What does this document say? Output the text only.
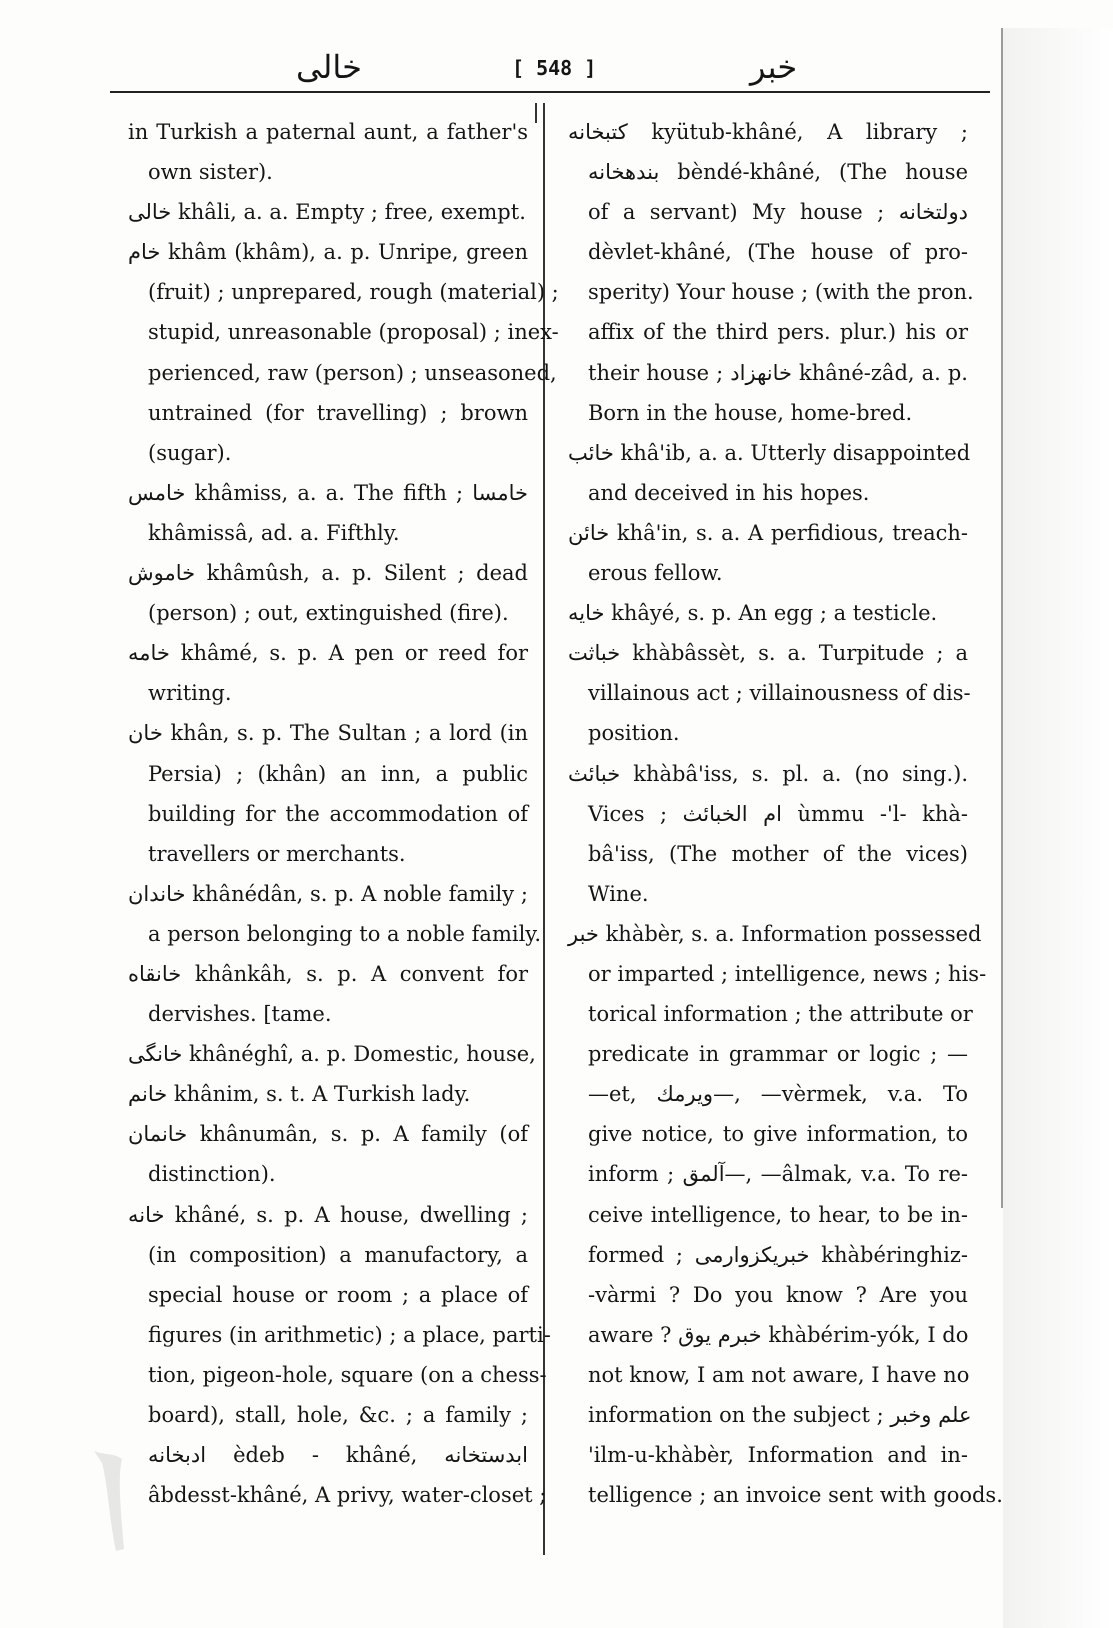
خالى	[ 548 ]	خبر
in Turkish a paternal aunt, a father's
own sister).
خالى khâli, a. a. Empty ; free, exempt.
خام khâm (khâm), a. p. Unripe, green
(fruit) ; unprepared, rough (material) ;
stupid, unreasonable (proposal) ; inex-
perienced, raw (person) ; unseasoned,
untrained (for travelling) ; brown
(sugar).
خامس khâmiss, a. a. The fifth ; خامسا
khâmissâ, ad. a. Fifthly.
خاموش khâmûsh, a. p. Silent ; dead
(person) ; out, extinguished (fire).
خامه khâmé, s. p. A pen or reed for
writing.
خان khân, s. p. The Sultan ; a lord (in
Persia) ; (khân) an inn, a public
building for the accommodation of
travellers or merchants.
خاندان khânédân, s. p. A noble family ;
a person belonging to a noble family.
خانقاه khânkâh, s. p. A convent for
dervishes. [tame.
خانگى khânéghî, a. p. Domestic, house,
خانم khânim, s. t. A Turkish lady.
خانمان khânumân, s. p. A family (of
distinction).
خانه khâné, s. p. A house, dwelling ;
(in composition) a manufactory, a
special house or room ; a place of
figures (in arithmetic) ; a place, parti-
tion, pigeon-hole, square (on a chess-
board), stall, hole, &c. ; a family ;
ادبخانه èdeb - khâné, ابدستخانه
âbdesst-khâné, A privy, water-closet ;
كتبخانه kyütub-khâné, A library ;
بندهخانه bèndé-khâné, (The house
of a servant) My house ; دولتخانه
dèvlet-khâné, (The house of pro-
sperity) Your house ; (with the pron.
affix of the third pers. plur.) his or
their house ; خانهزاد khâné-zâd, a. p.
Born in the house, home-bred.
خائب khâ'ib, a. a. Utterly disappointed
and deceived in his hopes.
خائن khâ'in, s. a. A perfidious, treach-
erous fellow.
خايه khâyé, s. p. An egg ; a testicle.
خباثت khàbâssèt, s. a. Turpitude ; a
villainous act ; villainousness of dis-
position.
خبائث khàbâ'iss, s. pl. a. (no sing.).
Vices ; ام الخبائث ùmmu -'l- khà-
bâ'iss, (The mother of the vices)
Wine.
خبر khàbèr, s. a. Information possessed
or imparted ; intelligence, news ; his-
torical information ; the attribute or
predicate in grammar or logic ; —
—et, ويرمك—, —vèrmek, v.a. To
give notice, to give information, to
inform ; آلمق—, —âlmak, v.a. To re-
ceive intelligence, to hear, to be in-
formed ; خبريكزوارمى khàbéringhiz-
-vàrmi ? Do you know ? Are you
aware ? خبرم يوق khàbérim-yók, I do
not know, I am not aware, I have no
information on the subject ; علم وخبر
'ilm-u-khàbèr, Information and in-
telligence ; an invoice sent with goods.
